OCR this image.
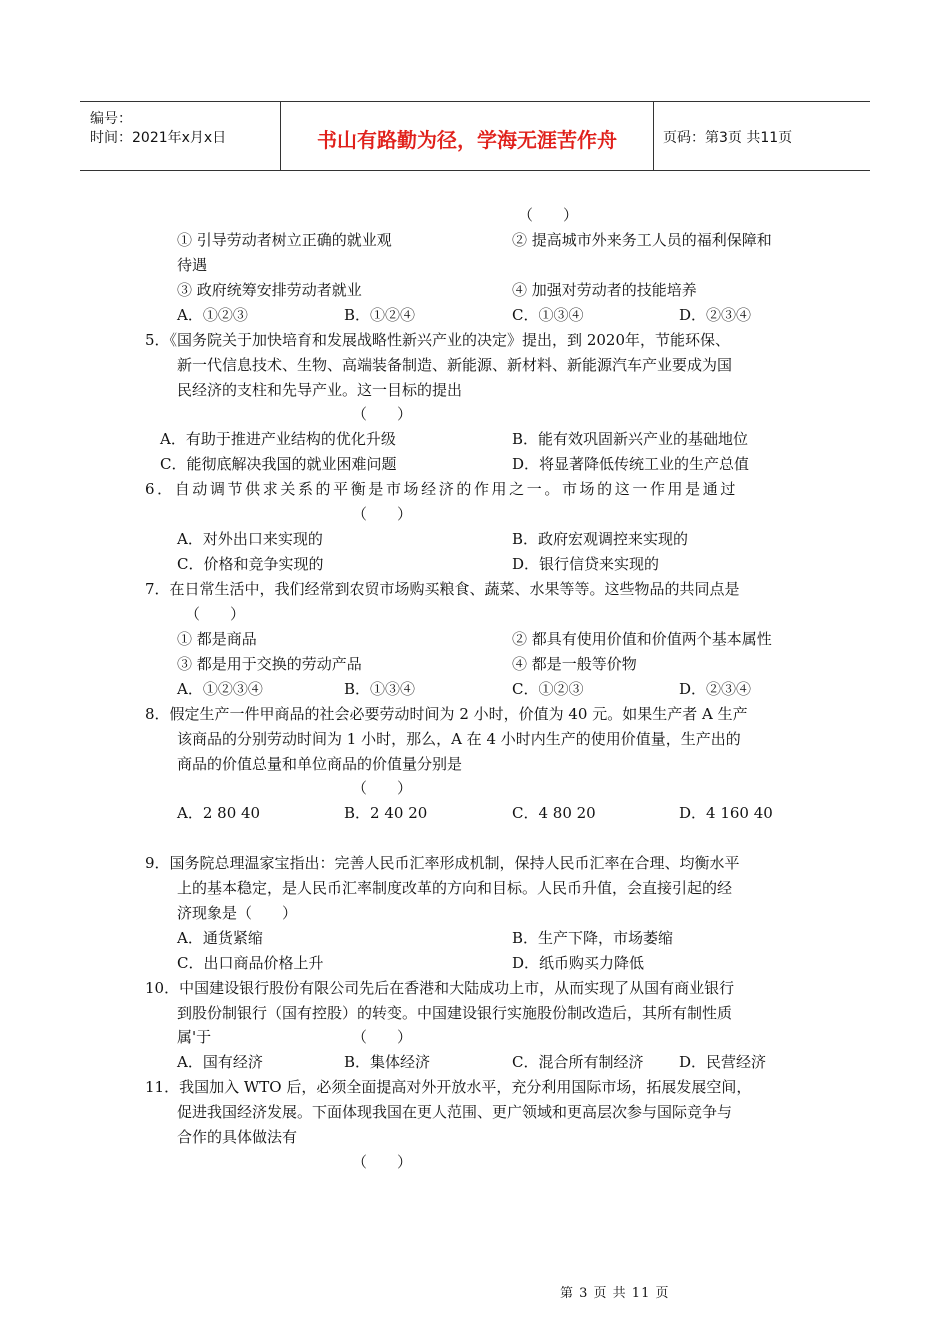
编号：
时间：2021年x月x日	书山有路勤为径，学海无涯苦作舟	页码：第3页 共11页
（　　）
① 引导劳动者树立正确的就业观	② 提高城市外来务工人员的福利保障和
待遇
③ 政府统筹安排劳动者就业	④ 加强对劳动者的技能培养
A．①②③	B．①②④	C．①③④	D．②③④
5．《国务院关于加快培育和发展战略性新兴产业的决定》提出，到 2020年，节能环保、
新一代信息技术、生物、高端装备制造、新能源、新材料、新能源汽车产业要成为国
民经济的支柱和先导产业。这一目标的提出
（　　）
A．有助于推进产业结构的优化升级	B．能有效巩固新兴产业的基础地位
C．能彻底解决我国的就业困难问题	D．将显著降低传统工业的生产总值
6．自动调节供求关系的平衡是市场经济的作用之一。市场的这一作用是通过
（　　）
A．对外出口来实现的	B．政府宏观调控来实现的
C．价格和竞争实现的	D．银行信贷来实现的
7．在日常生活中，我们经常到农贸市场购买粮食、蔬菜、水果等等。这些物品的共同点是
（　　）
① 都是商品	② 都具有使用价值和价值两个基本属性
③ 都是用于交换的劳动产品	④ 都是一般等价物
A．①②③④	B．①③④	C．①②③	D．②③④
8．假定生产一件甲商品的社会必要劳动时间为 2 小时，价值为 40 元。如果生产者 A 生产
该商品的分别劳动时间为 1 小时，那么，A 在 4 小时内生产的使用价值量，生产出的
商品的价值总量和单位商品的价值量分别是
（　　）
A．2 80 40	B．2 40 20	C．4 80 20	D．4 160 40
9．国务院总理温家宝指出：完善人民币汇率形成机制，保持人民币汇率在合理、均衡水平
上的基本稳定，是人民币汇率制度改革的方向和目标。人民币升值，会直接引起的经
济现象是（　　）
A．通货紧缩	B．生产下降，市场萎缩
C．出口商品价格上升	D．纸币购买力降低
10．中国建设银行股份有限公司先后在香港和大陆成功上市，从而实现了从国有商业银行
到股份制银行（国有控股）的转变。中国建设银行实施股份制改造后，其所有制性质
属'于	（　　）
A．国有经济	B．集体经济	C．混合所有制经济 D．民营经济
11．我国加入 WTO 后，必须全面提高对外开放水平，充分利用国际市场，拓展发展空间，
促进我国经济发展。下面体现我国在更人范围、更广领域和更高层次参与国际竞争与
合作的具体做法有
（　　）
第 3 页 共 11 页
